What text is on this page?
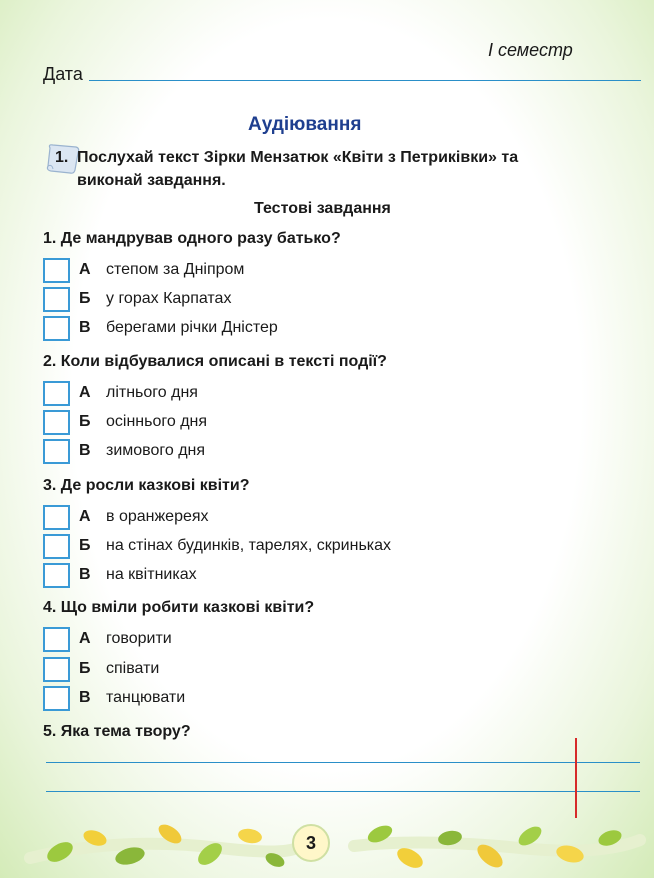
І семестр
Дата
Аудіювання
1. Послухай текст Зірки Мензатюк «Квіти з Петриківки» та
виконай завдання.
Тестові завдання
1. Де мандрував одного разу батько?
А степом за Дніпром
Б у горах Карпатах
В берегами річки Дністер
2. Коли відбувалися описані в тексті події?
А літнього дня
Б осіннього дня
В зимового дня
3. Де росли казкові квіти?
А в оранжереях
Б на стінах будинків, тарелях, скриньках
В на квітниках
4. Що вміли робити казкові квіти?
А говорити
Б співати
В танцювати
5. Яка тема твору?
3
